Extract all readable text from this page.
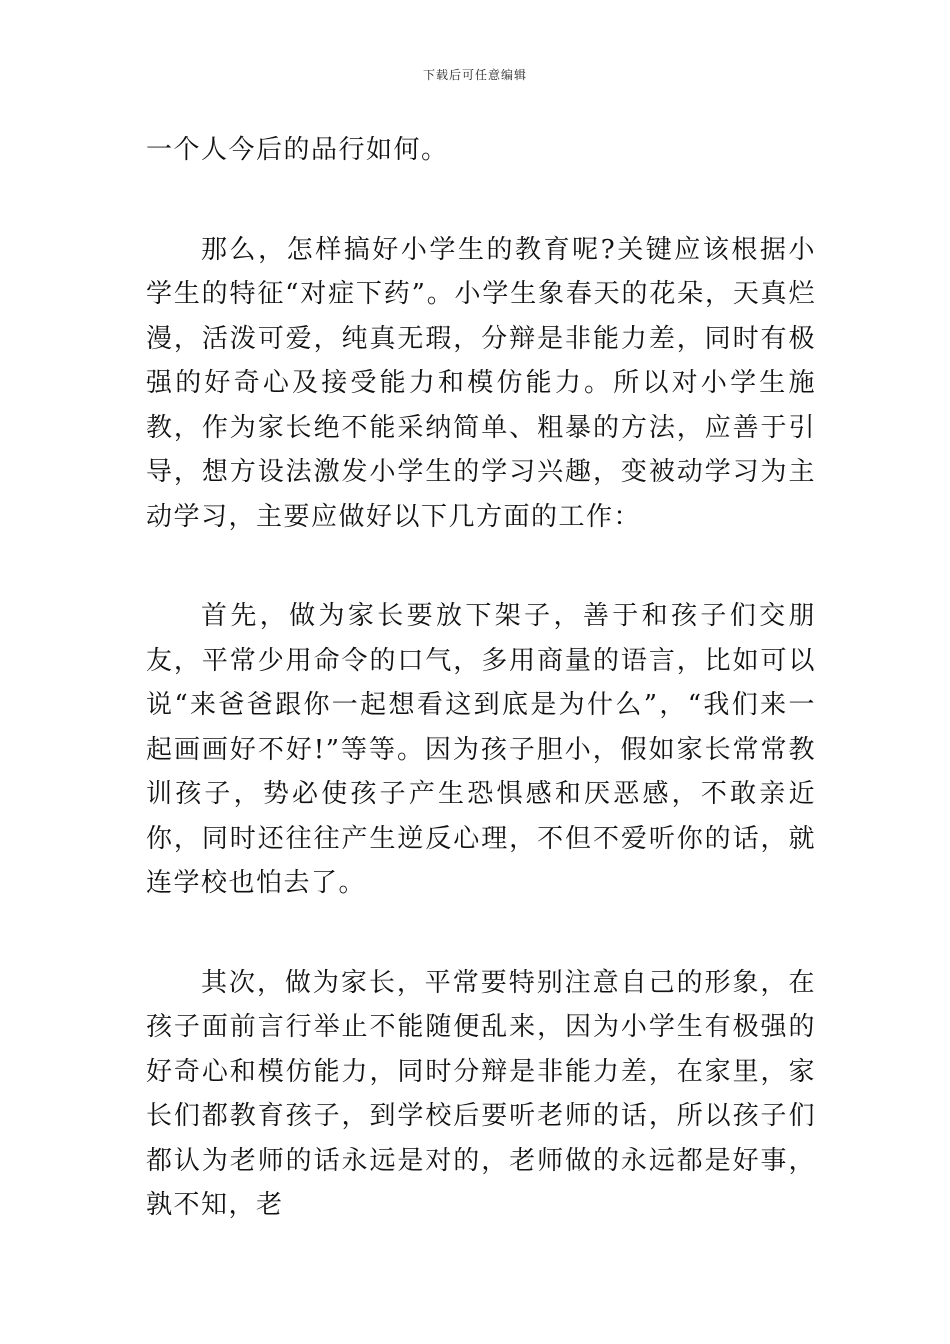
下载后可任意编辑

一个人今后的品行如何。

那么，怎样搞好小学生的教育呢?关键应该根据小学生的特征“对症下药”。小学生象春天的花朵，天真烂漫，活泼可爱，纯真无瑕，分辩是非能力差，同时有极强的好奇心及接受能力和模仿能力。所以对小学生施教，作为家长绝不能采纳简单、粗暴的方法，应善于引导，想方设法激发小学生的学习兴趣，变被动学习为主动学习，主要应做好以下几方面的工作：

首先，做为家长要放下架子，善于和孩子们交朋友，平常少用命令的口气，多用商量的语言，比如可以说“来爸爸跟你一起想看这到底是为什么”，“我们来一起画画好不好!”等等。因为孩子胆小，假如家长常常教训孩子，势必使孩子产生恐惧感和厌恶感，不敢亲近你，同时还往往产生逆反心理，不但不爱听你的话，就连学校也怕去了。

其次，做为家长，平常要特别注意自己的形象，在孩子面前言行举止不能随便乱来，因为小学生有极强的好奇心和模仿能力，同时分辩是非能力差，在家里，家长们都教育孩子，到学校后要听老师的话，所以孩子们都认为老师的话永远是对的，老师做的永远都是好事，孰不知，老
